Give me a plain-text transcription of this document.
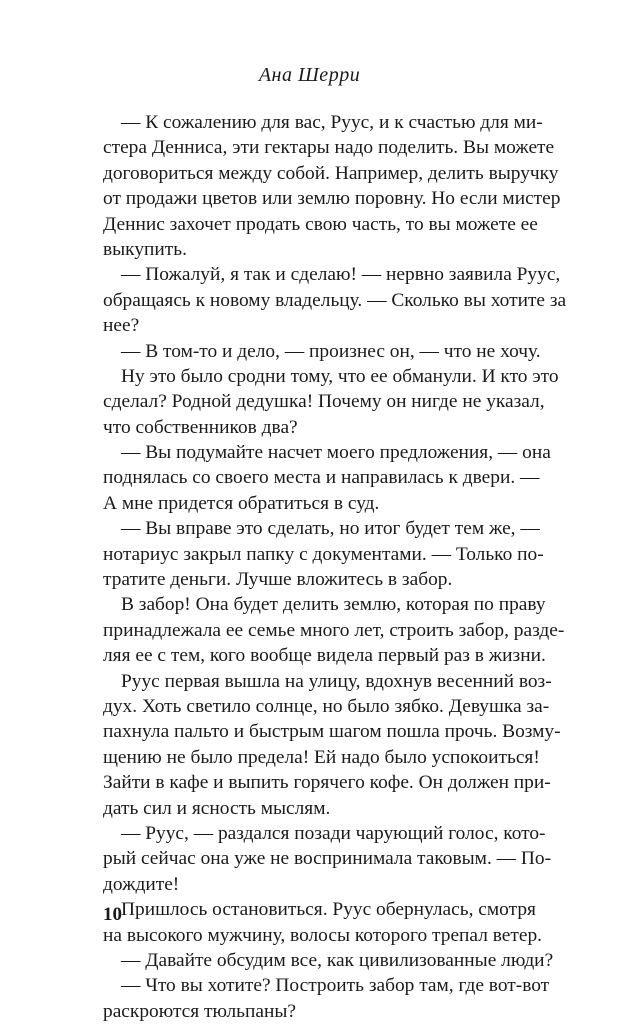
Ана Шерри
— К сожалению для вас, Руус, и к счастью для ми-
стера Денниса, эти гектары надо поделить. Вы можете
договориться между собой. Например, делить выручку
от продажи цветов или землю поровну. Но если мистер
Деннис захочет продать свою часть, то вы можете ее
выкупить.
— Пожалуй, я так и сделаю! — нервно заявила Руус,
обращаясь к новому владельцу. — Сколько вы хотите за
нее?
— В том-то и дело, — произнес он, — что не хочу.
Ну это было сродни тому, что ее обманули. И кто это
сделал? Родной дедушка! Почему он нигде не указал,
что собственников два?
— Вы подумайте насчет моего предложения, — она
поднялась со своего места и направилась к двери. —
А мне придется обратиться в суд.
— Вы вправе это сделать, но итог будет тем же, —
нотариус закрыл папку с документами. — Только по-
тратите деньги. Лучше вложитесь в забор.
В забор! Она будет делить землю, которая по праву
принадлежала ее семье много лет, строить забор, разде-
ляя ее с тем, кого вообще видела первый раз в жизни.
Руус первая вышла на улицу, вдохнув весенний воз-
дух. Хоть светило солнце, но было зябко. Девушка за-
пахнула пальто и быстрым шагом пошла прочь. Возму-
щению не было предела! Ей надо было успокоиться!
Зайти в кафе и выпить горячего кофе. Он должен при-
дать сил и ясность мыслям.
— Руус, — раздался позади чарующий голос, кото-
рый сейчас она уже не воспринимала таковым. — По-
дождите!
Пришлось остановиться. Руус обернулась, смотря
на высокого мужчину, волосы которого трепал ветер.
— Давайте обсудим все, как цивилизованные люди?
— Что вы хотите? Построить забор там, где вот-вот
раскроются тюльпаны?
10
